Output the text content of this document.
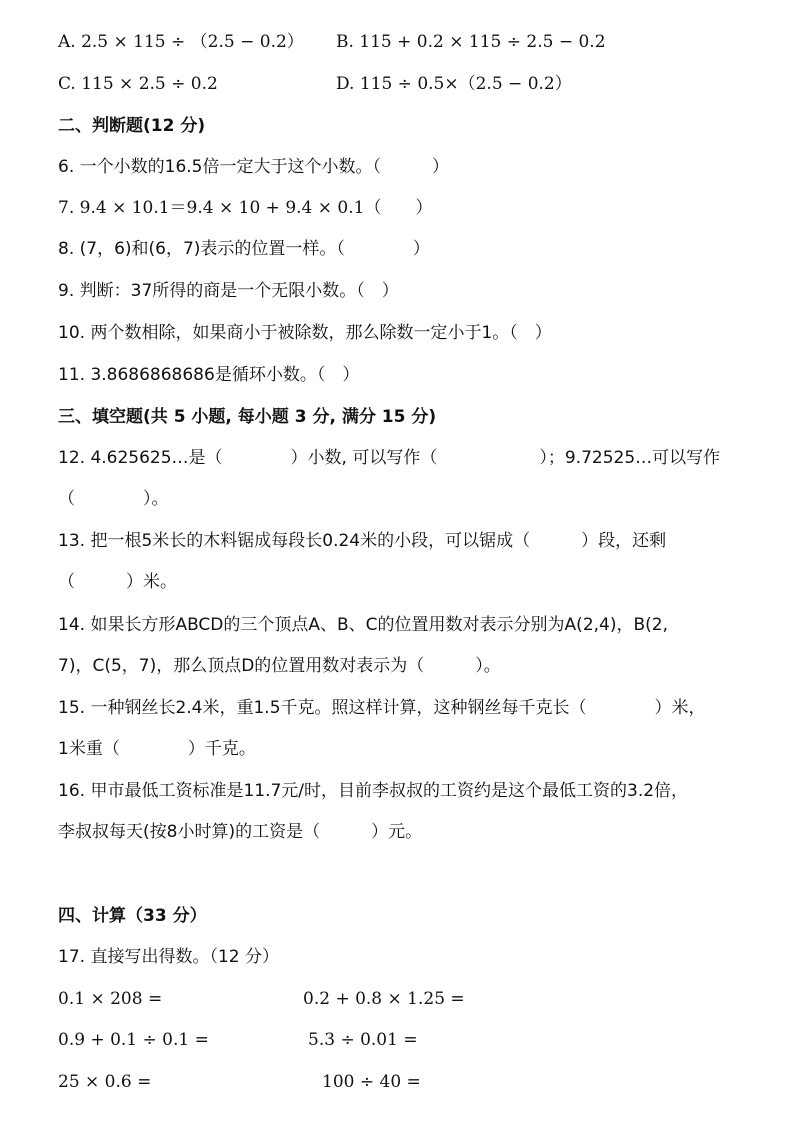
A. 2.5 × 115 ÷ （2.5 − 0.2） B. 115 + 0.2 × 115 ÷ 2.5 − 0.2
C. 115 × 2.5 ÷ 0.2	D. 115 ÷ 0.5×（2.5 − 0.2）
二、判断题(12 分)
6. 一个小数的16.5倍一定大于这个小数。（　　　）
7. 9.4 × 10.1＝9.4 × 10 + 9.4 × 0.1（　　）
8. (7，6)和(6，7)表示的位置一样。（　　　　）
9. 判断：37所得的商是一个无限小数。（　）
10. 两个数相除，如果商小于被除数，那么除数一定小于1。（　）
11. 3.8686868686是循环小数。（　）
三、填空题(共 5 小题, 每小题 3 分, 满分 15 分)
12. 4.625625…是（　　　　）小数, 可以写作（　　　　　　）；9.72525…可以写作
（　　　　）。
13. 把一根5米长的木料锯成每段长0.24米的小段，可以锯成（　　　）段，还剩
（　　　）米。
14. 如果长方形ABCD的三个顶点A、B、C的位置用数对表示分别为A(2,4)，B(2,
7)，C(5，7)，那么顶点D的位置用数对表示为（　　　）。
15. 一种钢丝长2.4米，重1.5千克。照这样计算，这种钢丝每千克长（　　　　）米，
1米重（　　　　）千克。
16. 甲市最低工资标准是11.7元/时，目前李叔叔的工资约是这个最低工资的3.2倍，
李叔叔每天(按8小时算)的工资是（　　　）元。
四、计算（33 分）
17. 直接写出得数。（12 分）
0.1 × 208 =	0.2 + 0.8 × 1.25 =
0.9 + 0.1 ÷ 0.1 =	5.3 ÷ 0.01 =
25 × 0.6 =	100 ÷ 40 =
